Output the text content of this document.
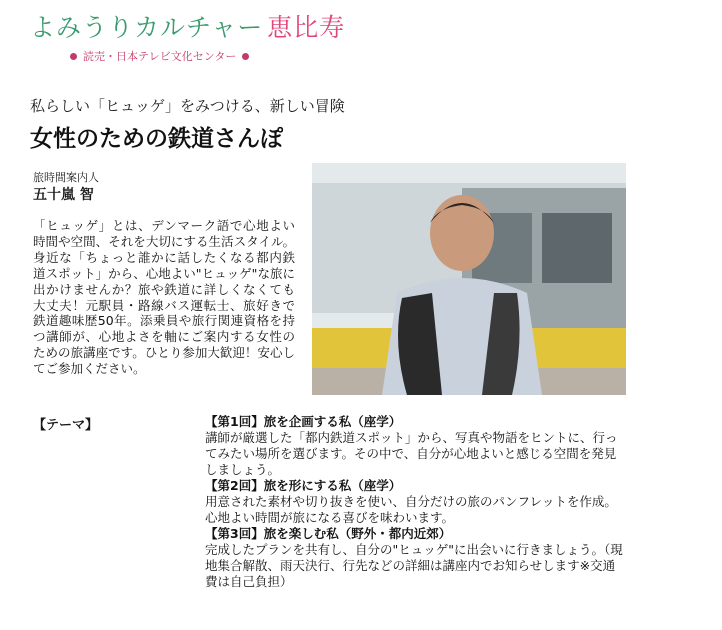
よみうりカルチャー 恵比寿
読売・日本テレビ文化センター
私らしい「ヒュッゲ」をみつける、新しい冒険
女性のための鉄道さんぽ
旅時間案内人
五十嵐 智
「ヒュッゲ」とは、デンマーク語で心地よい時間や空間、それを大切にする生活スタイル。身近な「ちょっと誰かに話したくなる都内鉄道スポット」から、心地よい"ヒュッゲ"な旅に出かけませんか？旅や鉄道に詳しくなくても大丈夫！元駅員・路線バス運転士、旅好きで鉄道趣味歴50年。添乗員や旅行関連資格を持つ講師が、心地よさを軸にご案内する女性のための旅講座です。ひとり参加大歓迎！安心してご参加ください。
【テーマ】	【第1回】旅を企画する私（座学）
講師が厳選した「都内鉄道スポット」から、写真や物語をヒントに、行ってみたい場所を選びます。その中で、自分が心地よいと感じる空間を発見しましょう。
【第2回】旅を形にする私（座学）
用意された素材や切り抜きを使い、自分だけの旅のパンフレットを作成。心地よい時間が旅になる喜びを味わいます。
【第3回】旅を楽しむ私（野外・都内近郊）
完成したプランを共有し、自分の"ヒュッゲ"に出会いに行きましょう。（現地集合解散、雨天決行、行先などの詳細は講座内でお知らせします※交通費は自己負担）
